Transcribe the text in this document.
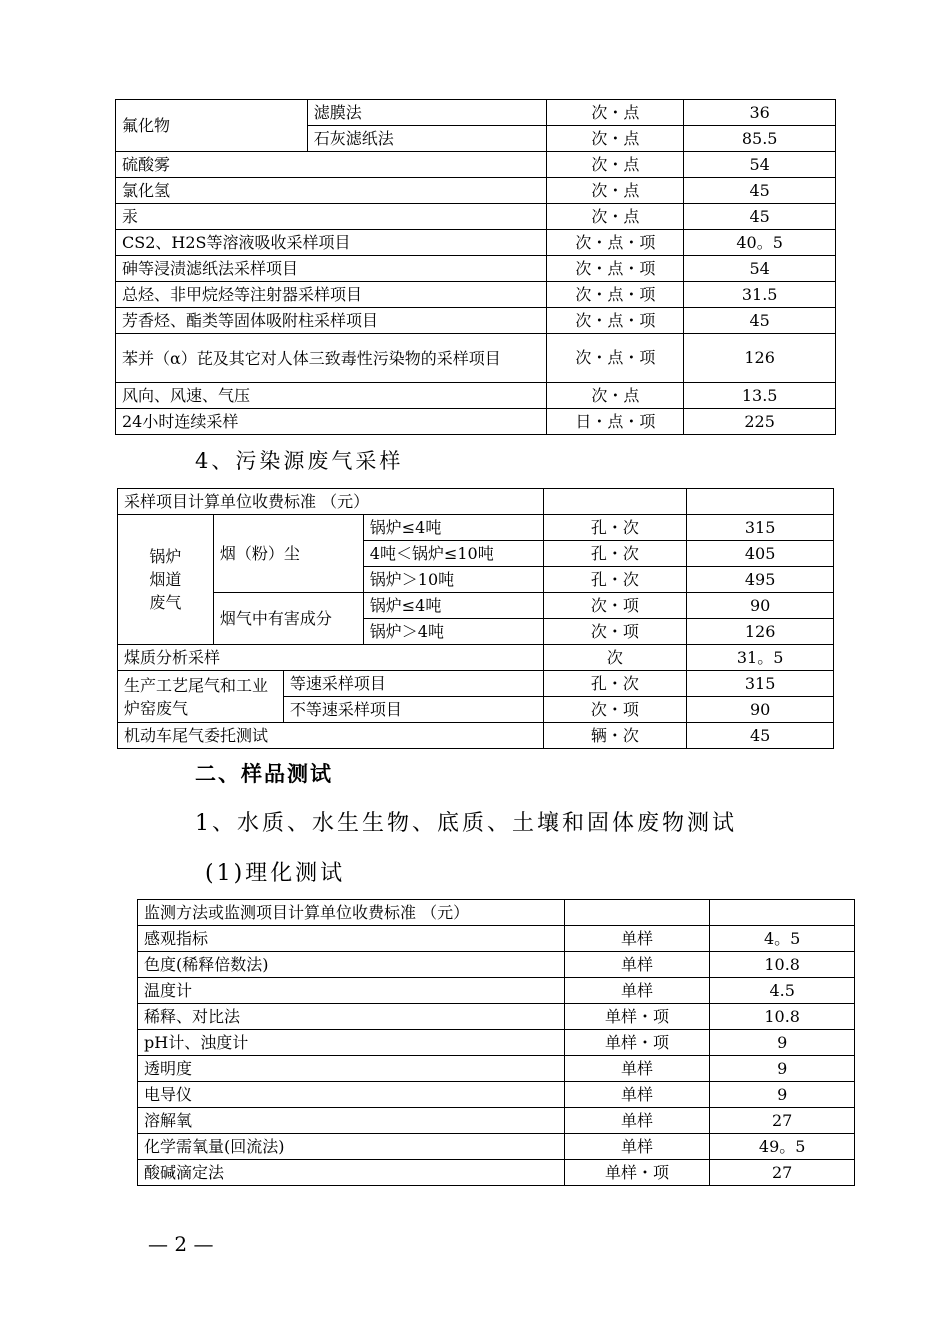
氟化物	滤膜法	次・点	36
	石灰滤纸法	次・点	85.5
硫酸雾		次・点	54
氯化氢		次・点	45
汞		次・点	45
CS2、H2S等溶液吸收采样项目		次・点・项	40。5
砷等浸渍滤纸法采样项目		次・点・项	54
总烃、非甲烷烃等注射器采样项目		次・点・项	31.5
芳香烃、酯类等固体吸附柱采样项目		次・点・项	45
苯并（α）芘及其它对人体三致毒性污染物的采样项目		次・点・项	126
风向、风速、气压		次・点	13.5
24小时连续采样		日・点・项	225
4、污染源废气采样
采样项目计算单位收费标准 （元）					
锅炉烟道废气	烟（粉）尘		锅炉≤4吨	孔・次	315
			4吨＜锅炉≤10吨	孔・次	405
			锅炉＞10吨	孔・次	495
	烟气中有害成分		锅炉≤4吨	次・项	90
			锅炉＞4吨	次・项	126
煤质分析采样				次	31。5
生产工艺尾气和工业炉窑废气		等速采样项目		孔・次	315
		不等速采样项目		次・项	90
机动车尾气委托测试				辆・次	45
二、样品测试
1、水质、水生生物、底质、土壤和固体废物测试
(1)理化测试
监测方法或监测项目计算单位收费标准 （元）		
感观指标	单样	4。5
色度(稀释倍数法)	单样	10.8
温度计	单样	4.5
稀释、对比法	单样・项	10.8
pH计、浊度计	单样・项	9
透明度	单样	9
电导仪	单样	9
溶解氧	单样	27
化学需氧量(回流法)	单样	49。5
酸碱滴定法	单样・项	27
— 2 —
